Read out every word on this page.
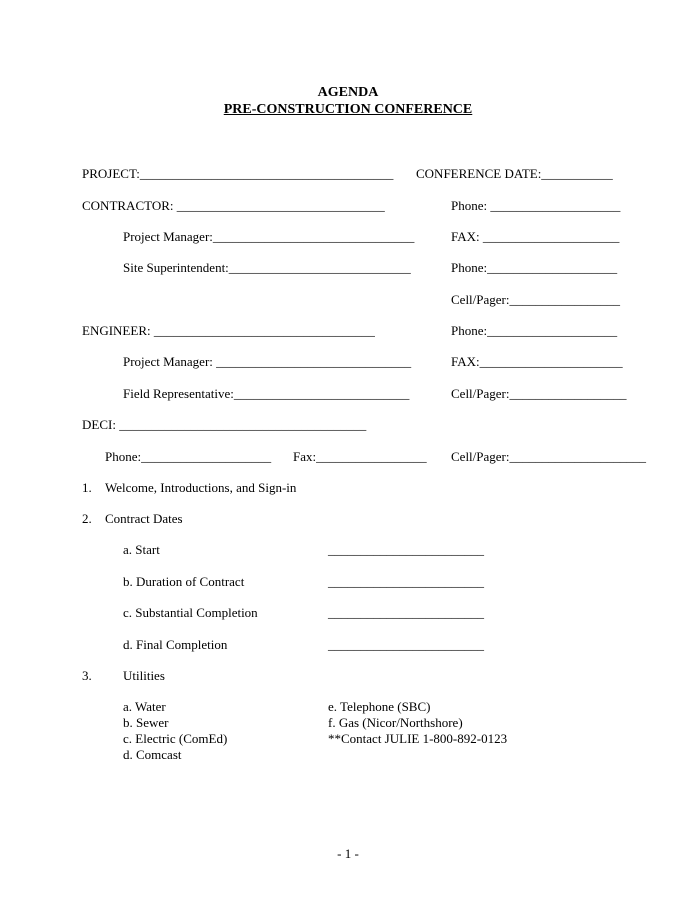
AGENDA
PRE-CONSTRUCTION CONFERENCE
PROJECT:_______________________________________ CONFERENCE DATE:___________
CONTRACTOR: ________________________________	Phone: ____________________
Project Manager:_______________________________	FAX: _____________________
Site Superintendent:____________________________	Phone:____________________
Cell/Pager:_________________
ENGINEER: __________________________________	Phone:____________________
Project Manager: ______________________________	FAX:______________________
Field Representative:___________________________	Cell/Pager:__________________
DECI: ______________________________________
Phone:____________________ Fax:_________________ Cell/Pager:_____________________
1. Welcome, Introductions, and Sign-in
2. Contract Dates
a. Start	________________________
b. Duration of Contract	________________________
c. Substantial Completion	________________________
d. Final Completion	________________________
3. Utilities
a. Water
b. Sewer
c. Electric (ComEd)
d. Comcast
e. Telephone (SBC)
f. Gas (Nicor/Northshore)
**Contact JULIE 1-800-892-0123
- 1 -
